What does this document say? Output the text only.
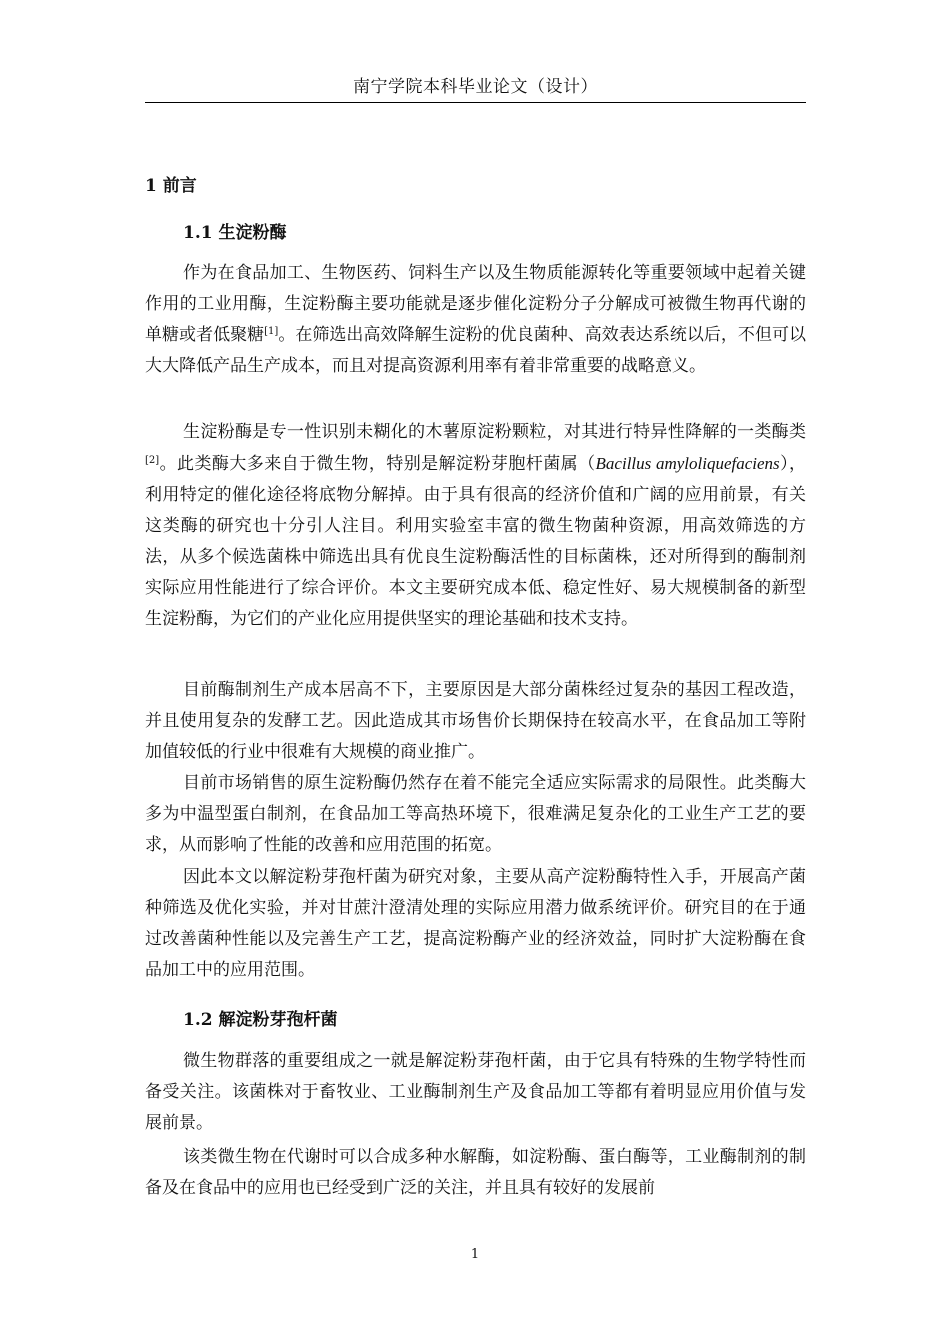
南宁学院本科毕业论文（设计）
1 前言
1.1 生淀粉酶

作为在食品加工、生物医药、饲料生产以及生物质能源转化等重要领域中起着关键作用的工业用酶，生淀粉酶主要功能就是逐步催化淀粉分子分解成可被微生物再代谢的单糖或者低聚糖[1]。在筛选出高效降解生淀粉的优良菌种、高效表达系统以后，不但可以大大降低产品生产成本，而且对提高资源利用率有着非常重要的战略意义。

生淀粉酶是专一性识别未糊化的木薯原淀粉颗粒，对其进行特异性降解的一类酶类[2]。此类酶大多来自于微生物，特别是解淀粉芽胞杆菌属（Bacillus amyloliquefaciens），利用特定的催化途径将底物分解掉。由于具有很高的经济价值和广阔的应用前景，有关这类酶的研究也十分引人注目。利用实验室丰富的微生物菌种资源，用高效筛选的方法，从多个候选菌株中筛选出具有优良生淀粉酶活性的目标菌株，还对所得到的酶制剂实际应用性能进行了综合评价。本文主要研究成本低、稳定性好、易大规模制备的新型生淀粉酶，为它们的产业化应用提供坚实的理论基础和技术支持。

目前酶制剂生产成本居高不下，主要原因是大部分菌株经过复杂的基因工程改造，并且使用复杂的发酵工艺。因此造成其市场售价长期保持在较高水平，在食品加工等附加值较低的行业中很难有大规模的商业推广。

目前市场销售的原生淀粉酶仍然存在着不能完全适应实际需求的局限性。此类酶大多为中温型蛋白制剂，在食品加工等高热环境下，很难满足复杂化的工业生产工艺的要求，从而影响了性能的改善和应用范围的拓宽。

因此本文以解淀粉芽孢杆菌为研究对象，主要从高产淀粉酶特性入手，开展高产菌种筛选及优化实验，并对甘蔗汁澄清处理的实际应用潜力做系统评价。研究目的在于通过改善菌种性能以及完善生产工艺，提高淀粉酶产业的经济效益，同时扩大淀粉酶在食品加工中的应用范围。

1.2 解淀粉芽孢杆菌

微生物群落的重要组成之一就是解淀粉芽孢杆菌，由于它具有特殊的生物学特性而备受关注。该菌株对于畜牧业、工业酶制剂生产及食品加工等都有着明显应用价值与发展前景。

该类微生物在代谢时可以合成多种水解酶，如淀粉酶、蛋白酶等，工业酶制剂的制备及在食品中的应用也已经受到广泛的关注，并且具有较好的发展前

1
